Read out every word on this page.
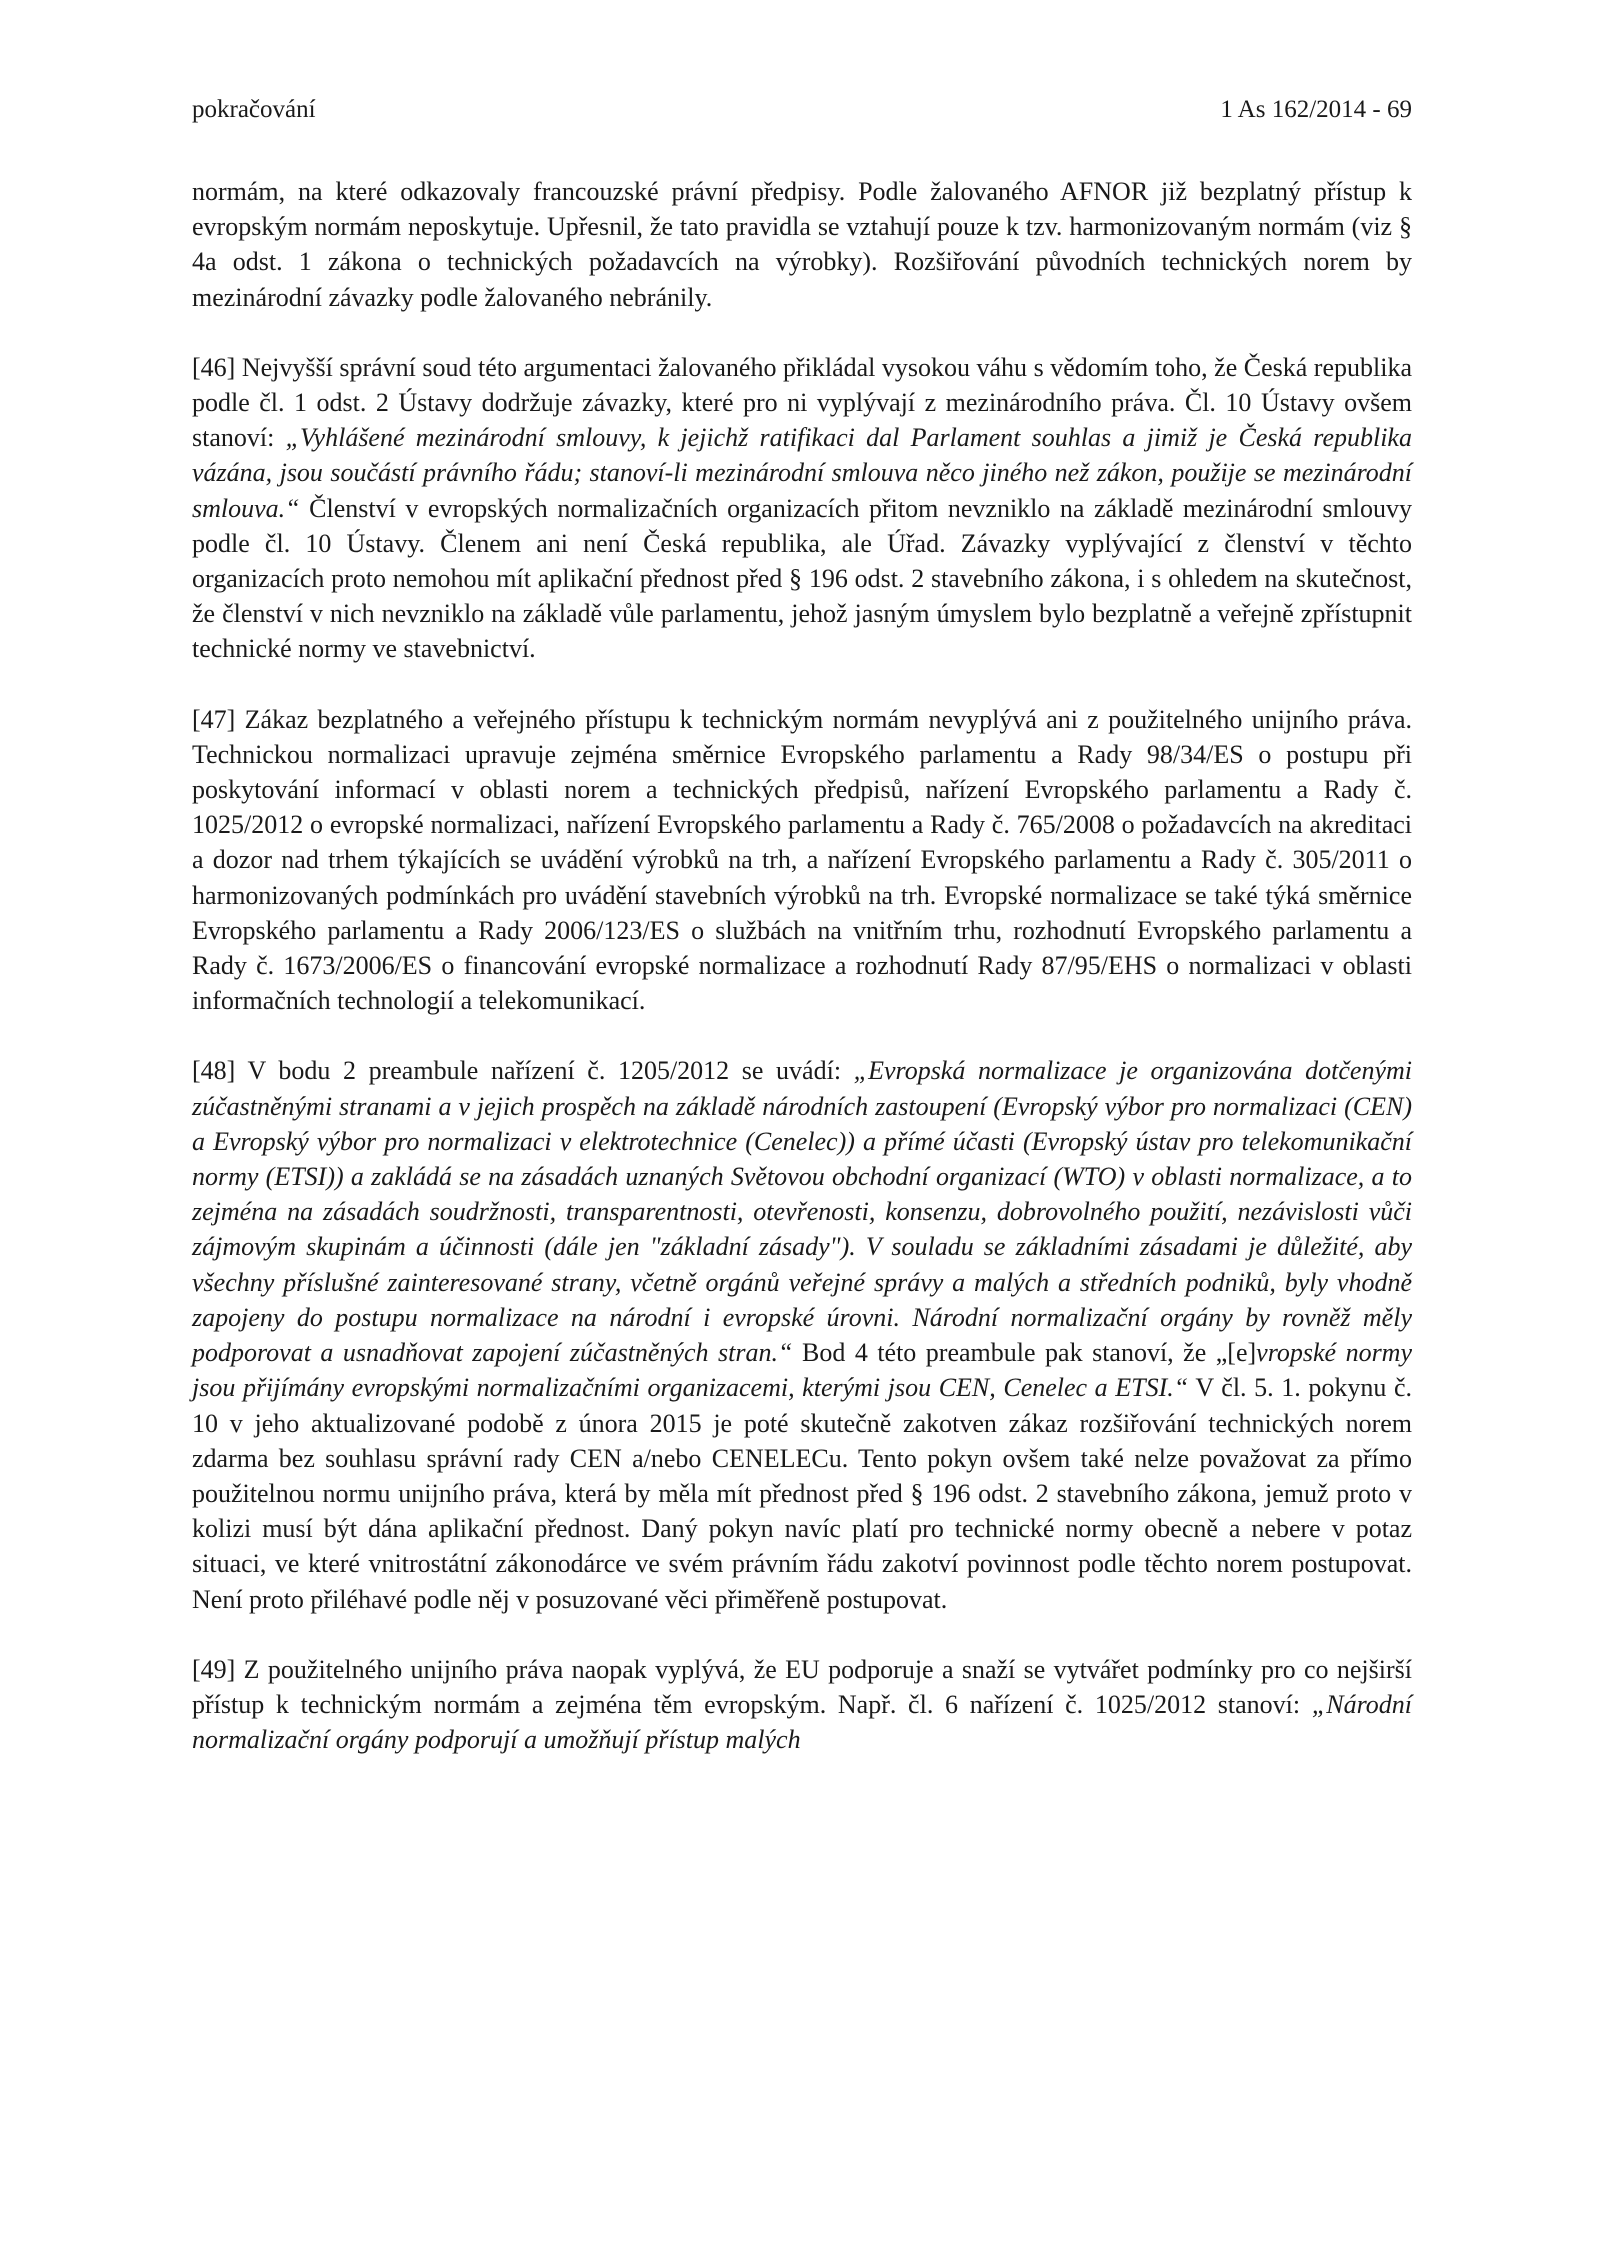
pokračování	1 As 162/2014 - 69

normám, na které odkazovaly francouzské právní předpisy. Podle žalovaného AFNOR již bezplatný přístup k evropským normám neposkytuje. Upřesnil, že tato pravidla se vztahují pouze k tzv. harmonizovaným normám (viz § 4a odst. 1 zákona o technických požadavcích na výrobky). Rozšiřování původních technických norem by mezinárodní závazky podle žalovaného nebránily.

[46] Nejvyšší správní soud této argumentaci žalovaného přikládal vysokou váhu s vědomím toho, že Česká republika podle čl. 1 odst. 2 Ústavy dodržuje závazky, které pro ni vyplývají z mezinárodního práva. Čl. 10 Ústavy ovšem stanoví: „Vyhlášené mezinárodní smlouvy, k jejichž ratifikaci dal Parlament souhlas a jimiž je Česká republika vázána, jsou součástí právního řádu; stanoví-li mezinárodní smlouva něco jiného než zákon, použije se mezinárodní smlouva.“ Členství v evropských normalizačních organizacích přitom nevzniklo na základě mezinárodní smlouvy podle čl. 10 Ústavy. Členem ani není Česká republika, ale Úřad. Závazky vyplývající z členství v těchto organizacích proto nemohou mít aplikační přednost před § 196 odst. 2 stavebního zákona, i s ohledem na skutečnost, že členství v nich nevzniklo na základě vůle parlamentu, jehož jasným úmyslem bylo bezplatně a veřejně zpřístupnit technické normy ve stavebnictví.

[47] Zákaz bezplatného a veřejného přístupu k technickým normám nevyplývá ani z použitelného unijního práva. Technickou normalizaci upravuje zejména směrnice Evropského parlamentu a Rady 98/34/ES o postupu při poskytování informací v oblasti norem a technických předpisů, nařízení Evropského parlamentu a Rady č. 1025/2012 o evropské normalizaci, nařízení Evropského parlamentu a Rady č. 765/2008 o požadavcích na akreditaci a dozor nad trhem týkajících se uvádění výrobků na trh, a nařízení Evropského parlamentu a Rady č. 305/2011 o harmonizovaných podmínkách pro uvádění stavebních výrobků na trh. Evropské normalizace se také týká směrnice Evropského parlamentu a Rady 2006/123/ES o službách na vnitřním trhu, rozhodnutí Evropského parlamentu a Rady č. 1673/2006/ES o financování evropské normalizace a rozhodnutí Rady 87/95/EHS o normalizaci v oblasti informačních technologií a telekomunikací.

[48] V bodu 2 preambule nařízení č. 1205/2012 se uvádí: „Evropská normalizace je organizována dotčenými zúčastněnými stranami a v jejich prospěch na základě národních zastoupení (Evropský výbor pro normalizaci (CEN) a Evropský výbor pro normalizaci v elektrotechnice (Cenelec)) a přímé účasti (Evropský ústav pro telekomunikační normy (ETSI)) a zakládá se na zásadách uznaných Světovou obchodní organizací (WTO) v oblasti normalizace, a to zejména na zásadách soudržnosti, transparentnosti, otevřenosti, konsenzu, dobrovolného použití, nezávislosti vůči zájmovým skupinám a účinnosti (dále jen "základní zásady"). V souladu se základními zásadami je důležité, aby všechny příslušné zainteresované strany, včetně orgánů veřejné správy a malých a středních podniků, byly vhodně zapojeny do postupu normalizace na národní i evropské úrovni. Národní normalizační orgány by rovněž měly podporovat a usnadňovat zapojení zúčastněných stran.“ Bod 4 této preambule pak stanoví, že „[e]vropské normy jsou přijímány evropskými normalizačními organizacemi, kterými jsou CEN, Cenelec a ETSI.“ V čl. 5. 1. pokynu č. 10 v jeho aktualizované podobě z února 2015 je poté skutečně zakotven zákaz rozšiřování technických norem zdarma bez souhlasu správní rady CEN a/nebo CENELECu. Tento pokyn ovšem také nelze považovat za přímo použitelnou normu unijního práva, která by měla mít přednost před § 196 odst. 2 stavebního zákona, jemuž proto v kolizi musí být dána aplikační přednost. Daný pokyn navíc platí pro technické normy obecně a nebere v potaz situaci, ve které vnitrostátní zákonodárce ve svém právním řádu zakotví povinnost podle těchto norem postupovat. Není proto přiléhavé podle něj v posuzované věci přiměřeně postupovat.

[49] Z použitelného unijního práva naopak vyplývá, že EU podporuje a snaží se vytvářet podmínky pro co nejširší přístup k technickým normám a zejména těm evropským. Např. čl. 6 nařízení č. 1025/2012 stanoví: „Národní normalizační orgány podporují a umožňují přístup malých
